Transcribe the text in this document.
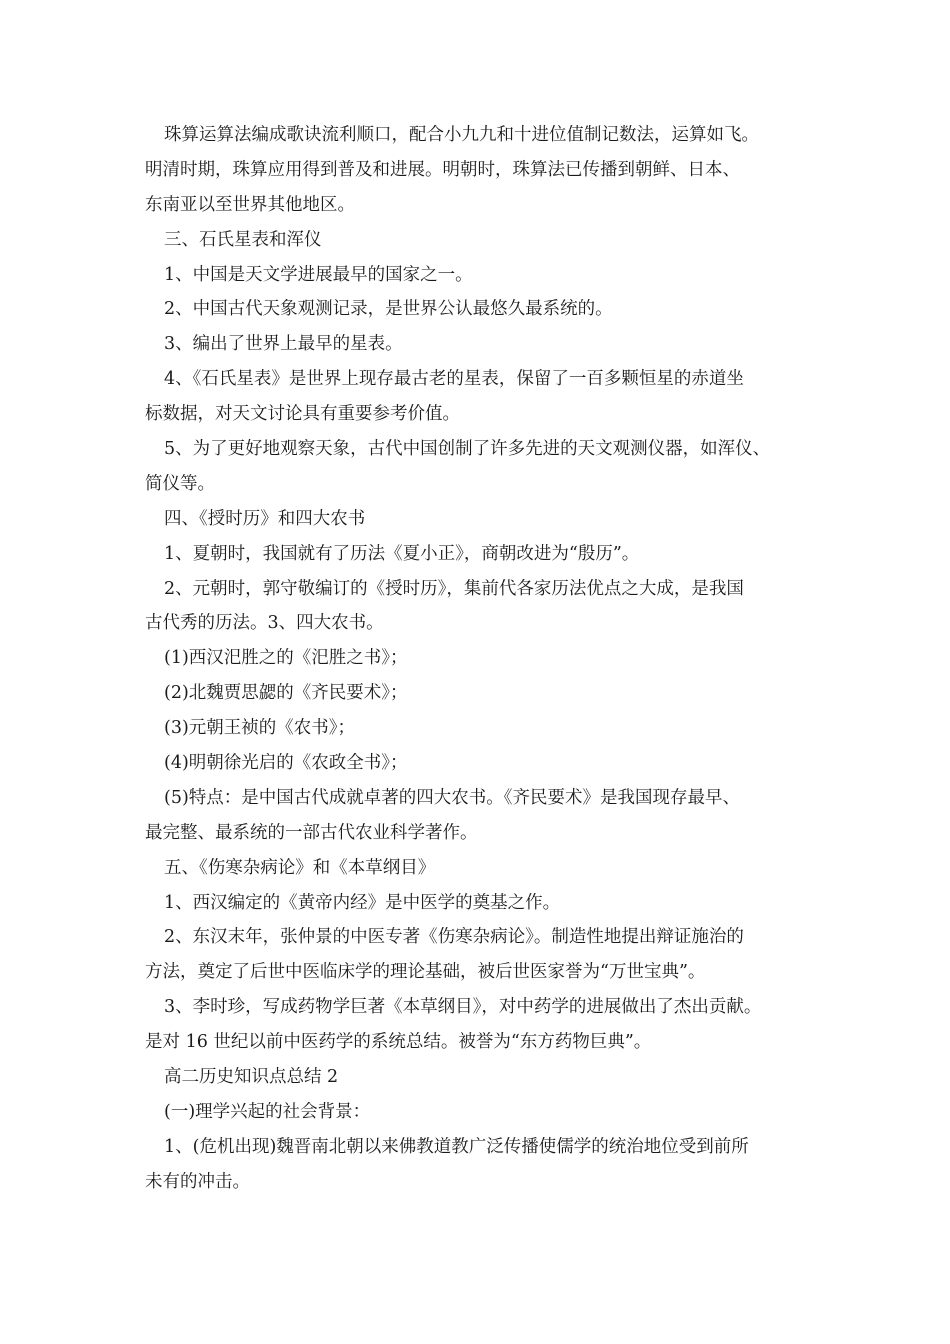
珠算运算法编成歌诀流利顺口，配合小九九和十进位值制记数法，运算如飞。
明清时期，珠算应用得到普及和进展。明朝时，珠算法已传播到朝鲜、日本、
东南亚以至世界其他地区。
三、石氏星表和浑仪
1、中国是天文学进展最早的国家之一。
2、中国古代天象观测记录，是世界公认最悠久最系统的。
3、编出了世界上最早的星表。
4、《石氏星表》是世界上现存最古老的星表，保留了一百多颗恒星的赤道坐
标数据，对天文讨论具有重要参考价值。
5、为了更好地观察天象，古代中国创制了许多先进的天文观测仪器，如浑仪、
简仪等。
四、《授时历》和四大农书
1、夏朝时，我国就有了历法《夏小正》，商朝改进为“殷历”。
2、元朝时，郭守敬编订的《授时历》，集前代各家历法优点之大成，是我国
古代秀的历法。3、四大农书。
(1)西汉汜胜之的《汜胜之书》；
(2)北魏贾思勰的《齐民要术》；
(3)元朝王祯的《农书》；
(4)明朝徐光启的《农政全书》；
(5)特点：是中国古代成就卓著的四大农书。《齐民要术》是我国现存最早、
最完整、最系统的一部古代农业科学著作。
五、《伤寒杂病论》和《本草纲目》
1、西汉编定的《黄帝内经》是中医学的奠基之作。
2、东汉末年，张仲景的中医专著《伤寒杂病论》。制造性地提出辩证施治的
方法，奠定了后世中医临床学的理论基础，被后世医家誉为“万世宝典”。
3、李时珍，写成药物学巨著《本草纲目》，对中药学的进展做出了杰出贡献。
是对 16 世纪以前中医药学的系统总结。被誉为“东方药物巨典”。
高二历史知识点总结 2
(一)理学兴起的社会背景：
1、(危机出现)魏晋南北朝以来佛教道教广泛传播使儒学的统治地位受到前所
未有的冲击。
